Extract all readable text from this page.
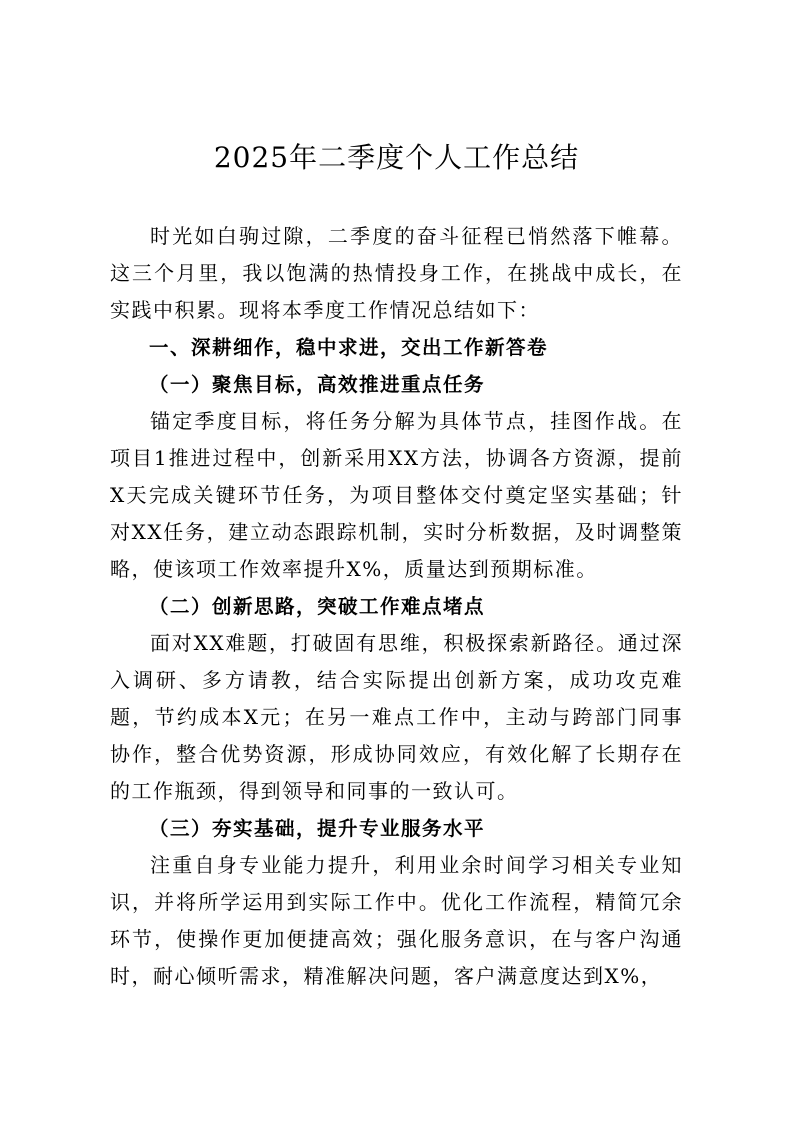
2025年二季度个人工作总结

时光如白驹过隙，二季度的奋斗征程已悄然落下帷幕。这三个月里，我以饱满的热情投身工作，在挑战中成长，在实践中积累。现将本季度工作情况总结如下：

一、深耕细作，稳中求进，交出工作新答卷

（一）聚焦目标，高效推进重点任务

锚定季度目标，将任务分解为具体节点，挂图作战。在项目1推进过程中，创新采用XX方法，协调各方资源，提前X天完成关键环节任务，为项目整体交付奠定坚实基础；针对XX任务，建立动态跟踪机制，实时分析数据，及时调整策略，使该项工作效率提升X%，质量达到预期标准。

（二）创新思路，突破工作难点堵点

面对XX难题，打破固有思维，积极探索新路径。通过深入调研、多方请教，结合实际提出创新方案，成功攻克难题，节约成本X元；在另一难点工作中，主动与跨部门同事协作，整合优势资源，形成协同效应，有效化解了长期存在的工作瓶颈，得到领导和同事的一致认可。

（三）夯实基础，提升专业服务水平

注重自身专业能力提升，利用业余时间学习相关专业知识，并将所学运用到实际工作中。优化工作流程，精简冗余环节，使操作更加便捷高效；强化服务意识，在与客户沟通时，耐心倾听需求，精准解决问题，客户满意度达到X%，
